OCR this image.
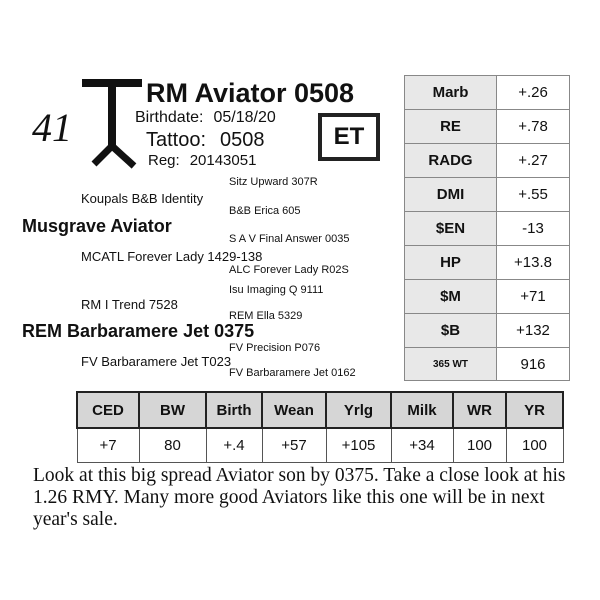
41
RM Aviator 0508
Birthdate: 05/18/20
Tattoo: 0508
Reg: 20143051
ET
Sitz Upward 307R
Koupals B&B Identity
B&B Erica 605
Musgrave Aviator
S A V Final Answer 0035
MCATL Forever Lady 1429-138
ALC Forever Lady R02S
Isu Imaging Q 9111
RM I Trend 7528
REM Ella 5329
REM Barbaramere Jet 0375
FV Precision P076
FV Barbaramere Jet T023
FV Barbaramere Jet 0162
Marb	+.26
RE	+.78
RADG	+.27
DMI	+.55
$EN	-13
HP	+13.8
$M	+71
$B	+132
365 WT	916
CED	BW	Birth	Wean	Yrlg	Milk	WR	YR
+7	80	+.4	+57	+105	+34	100	100
Look at this big spread Aviator son by 0375. Take a close look at his 1.26 RMY. Many more good Aviators like this one will be in next year's sale.
